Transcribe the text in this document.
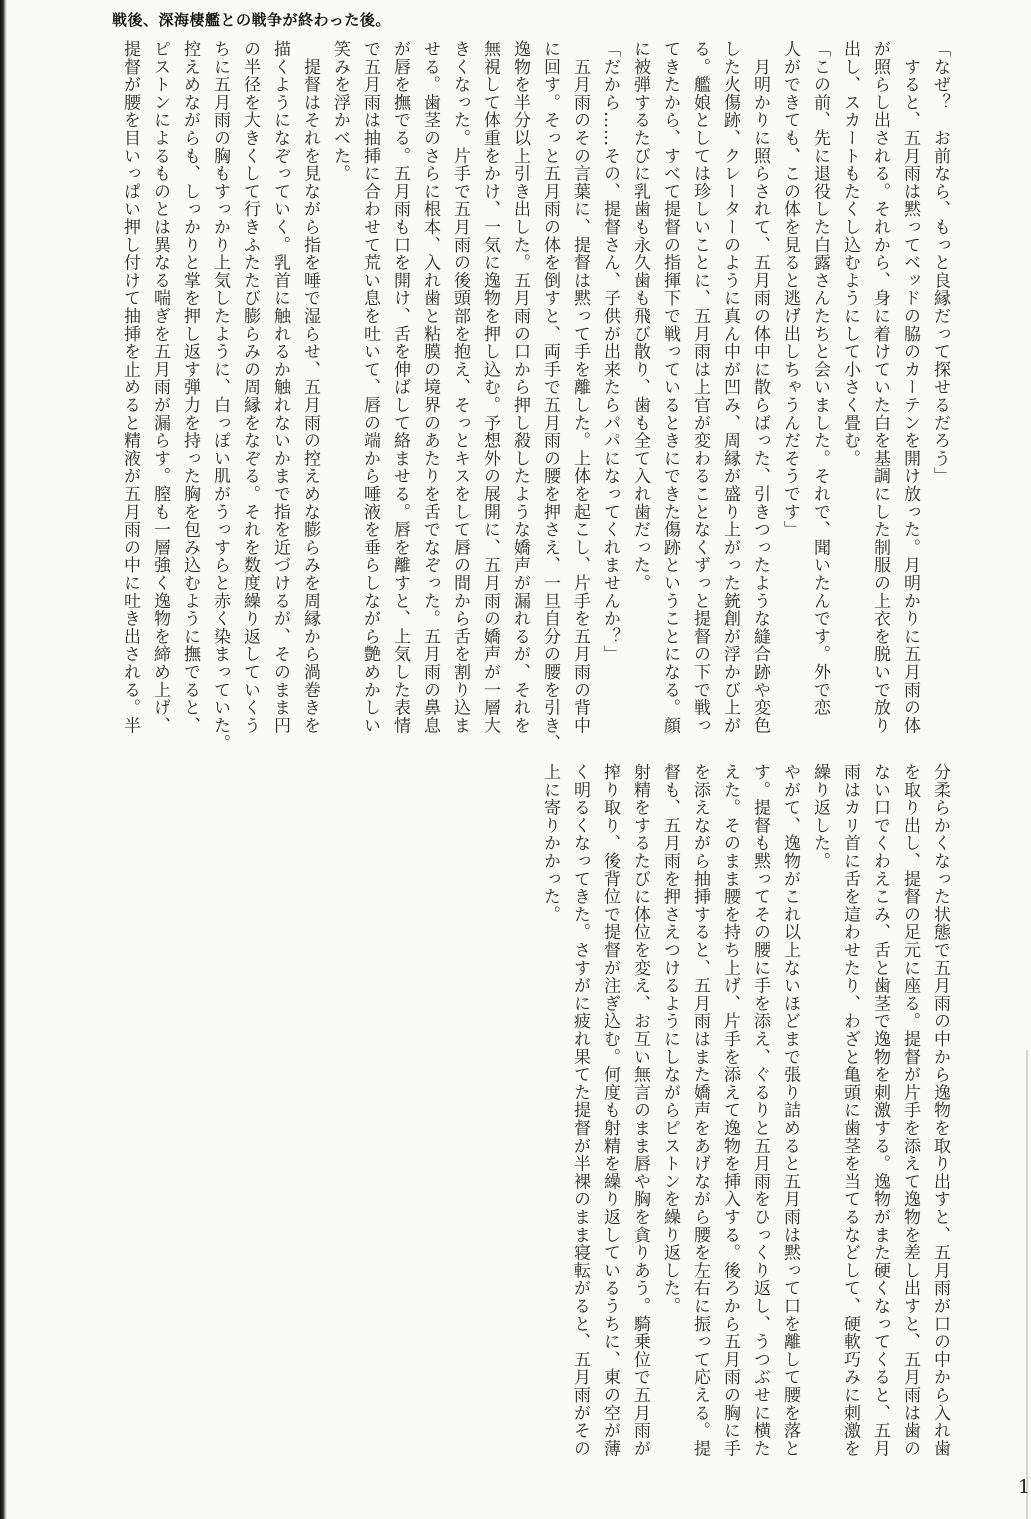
戦後、深海棲艦との戦争が終わった後。
「なぜ？　お前なら、もっと良縁だって探せるだろう」
　すると、五月雨は黙ってベッドの脇のカーテンを開け放った。月明かりに五月雨の体
が照らし出される。それから、身に着けていた白を基調にした制服の上衣を脱いで放り
出し、スカートもたくし込むようにして小さく畳む。
「この前、先に退役した白露さんたちと会いました。それで、聞いたんです。外で恋
人ができても、この体を見ると逃げ出しちゃうんだそうです」
　月明かりに照らされて、五月雨の体中に散らばった、引きつったような縫合跡や変色
した火傷跡、クレーターのように真ん中が凹み、周縁が盛り上がった銃創が浮かび上が
る。艦娘としては珍しいことに、五月雨は上官が変わることなくずっと提督の下で戦っ
てきたから、すべて提督の指揮下で戦っているときにできた傷跡ということになる。顔
に被弾するたびに乳歯も永久歯も飛び散り、歯も全て入れ歯だった。
「だから……その、提督さん、子供が出来たらパパになってくれませんか？」
　五月雨のその言葉に、提督は黙って手を離した。上体を起こし、片手を五月雨の背中
に回す。そっと五月雨の体を倒すと、両手で五月雨の腰を押さえ、一旦自分の腰を引き、
逸物を半分以上引き出した。五月雨の口から押し殺したような嬌声が漏れるが、それを
無視して体重をかけ、一気に逸物を押し込む。予想外の展開に、五月雨の嬌声が一層大
きくなった。片手で五月雨の後頭部を抱え、そっとキスをして唇の間から舌を割り込ま
せる。歯茎のさらに根本、入れ歯と粘膜の境界のあたりを舌でなぞった。五月雨の鼻息
が唇を撫でる。五月雨も口を開け、舌を伸ばして絡ませる。唇を離すと、上気した表情
で五月雨は抽挿に合わせて荒い息を吐いて、唇の端から唾液を垂らしながら艶めかしい
笑みを浮かべた。
　提督はそれを見ながら指を唾で湿らせ、五月雨の控えめな膨らみを周縁から渦巻きを
描くようになぞっていく。乳首に触れるか触れないかまで指を近づけるが、そのまま円
の半径を大きくして行きふたたび膨らみの周縁をなぞる。それを数度繰り返していくう
ちに五月雨の胸もすっかり上気したように、白っぽい肌がうっすらと赤く染まっていた。
控えめながらも、しっかりと掌を押し返す弾力を持った胸を包み込むように撫でると、
ピストンによるものとは異なる喘ぎを五月雨が漏らす。膣も一層強く逸物を締め上げ、
提督が腰を目いっぱい押し付けて抽挿を止めると精液が五月雨の中に吐き出される。半
分柔らかくなった状態で五月雨の中から逸物を取り出すと、五月雨が口の中から入れ歯
を取り出し、提督の足元に座る。提督が片手を添えて逸物を差し出すと、五月雨は歯の
ない口でくわえこみ、舌と歯茎で逸物を刺激する。逸物がまた硬くなってくると、五月
雨はカリ首に舌を這わせたり、わざと亀頭に歯茎を当てるなどして、硬軟巧みに刺激を
繰り返した。
やがて、逸物がこれ以上ないほどまで張り詰めると五月雨は黙って口を離して腰を落と
す。提督も黙ってその腰に手を添え、ぐるりと五月雨をひっくり返し、うつぶせに横た
えた。そのまま腰を持ち上げ、片手を添えて逸物を挿入する。後ろから五月雨の胸に手
を添えながら抽挿すると、五月雨はまた嬌声をあげながら腰を左右に振って応える。提
督も、五月雨を押さえつけるようにしながらピストンを繰り返した。
射精をするたびに体位を変え、お互い無言のまま唇や胸を貪りあう。騎乗位で五月雨が
搾り取り、後背位で提督が注ぎ込む。何度も射精を繰り返しているうちに、東の空が薄
く明るくなってきた。さすがに疲れ果てた提督が半裸のまま寝転がると、五月雨がその
上に寄りかかった。
1
